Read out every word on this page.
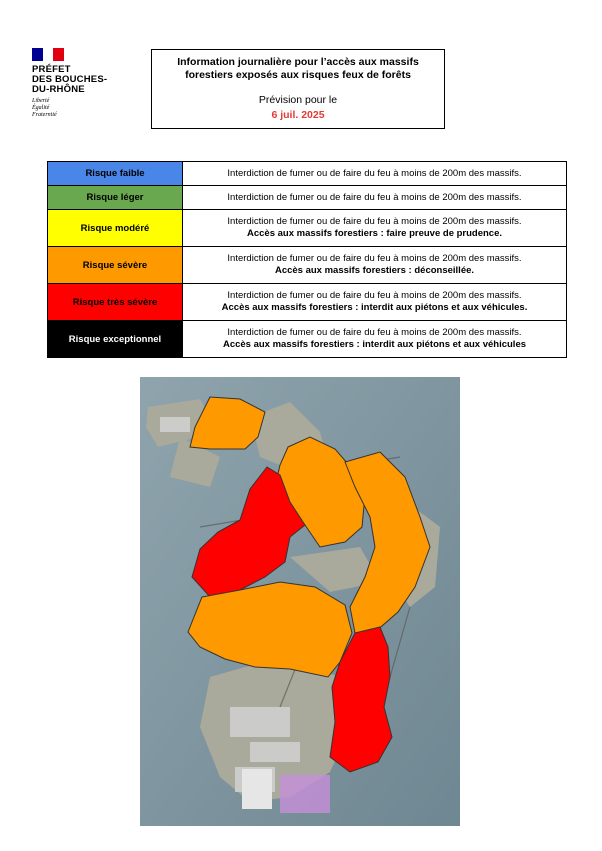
PRÉFET
DES BOUCHES-
DU-RHÔNE
Liberté
Égalité
Fraternité
Information journalière pour l’accès aux massifs forestiers exposés aux risques feux de forêts
Prévision pour le
6 juil. 2025
Risque faible	Interdiction de fumer ou de faire du feu à moins de 200m des massifs.

Risque léger	Interdiction de fumer ou de faire du feu à moins de 200m des massifs.

Risque modéré	Interdiction de fumer ou de faire du feu à moins de 200m des massifs.
Accès aux massifs forestiers : faire preuve de prudence.

Risque sévère	Interdiction de fumer ou de faire du feu à moins de 200m des massifs.
Accès aux massifs forestiers : déconseillée.

Risque très sévère	Interdiction de fumer ou de faire du feu à moins de 200m des massifs.
Accès aux massifs forestiers : interdit aux piétons et aux véhicules.

Risque exceptionnel	Interdiction de fumer ou de faire du feu à moins de 200m des massifs.
Accès aux massifs forestiers : interdit aux piétons et aux véhicules
